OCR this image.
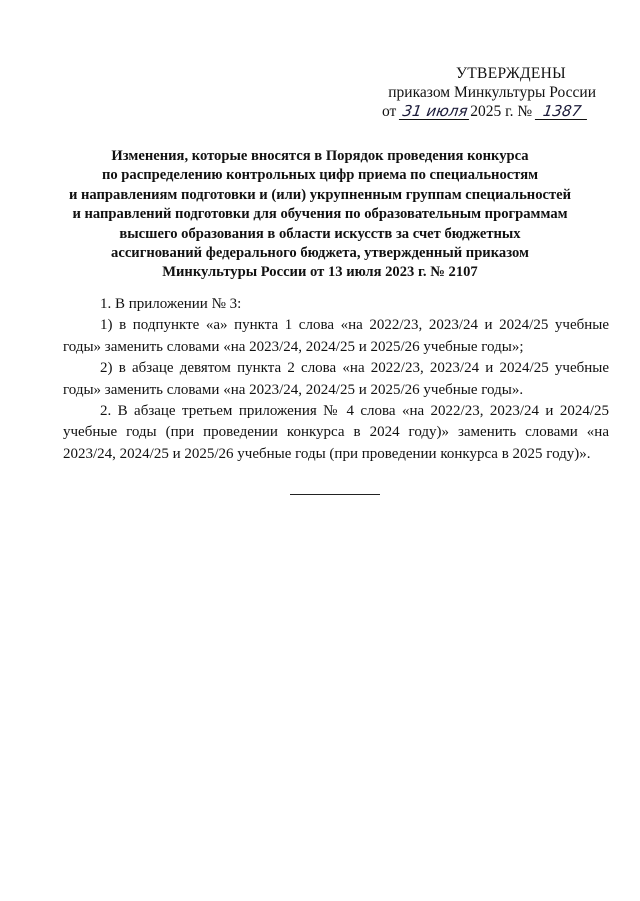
УТВЕРЖДЕНЫ
приказом Минкультуры России
от 31 июля2025 г. № 1387
Изменения, которые вносятся в Порядок проведения конкурса
по распределению контрольных цифр приема по специальностям
и направлениям подготовки и (или) укрупненным группам специальностей
и направлений подготовки для обучения по образовательным программам
высшего образования в области искусств за счет бюджетных
ассигнований федерального бюджета, утвержденный приказом
Минкультуры России от 13 июля 2023 г. № 2107

1. В приложении № 3:

1) в подпункте «а» пункта 1 слова «на 2022/23, 2023/24 и 2024/25 учебные годы» заменить словами «на 2023/24, 2024/25 и 2025/26 учебные годы»;

2) в абзаце девятом пункта 2 слова «на 2022/23, 2023/24 и 2024/25 учебные годы» заменить словами «на 2023/24, 2024/25 и 2025/26 учебные годы».

2. В абзаце третьем приложения № 4 слова «на 2022/23, 2023/24 и 2024/25 учебные годы (при проведении конкурса в 2024 году)» заменить словами «на 2023/24, 2024/25 и 2025/26 учебные годы (при проведении конкурса в 2025 году)».
